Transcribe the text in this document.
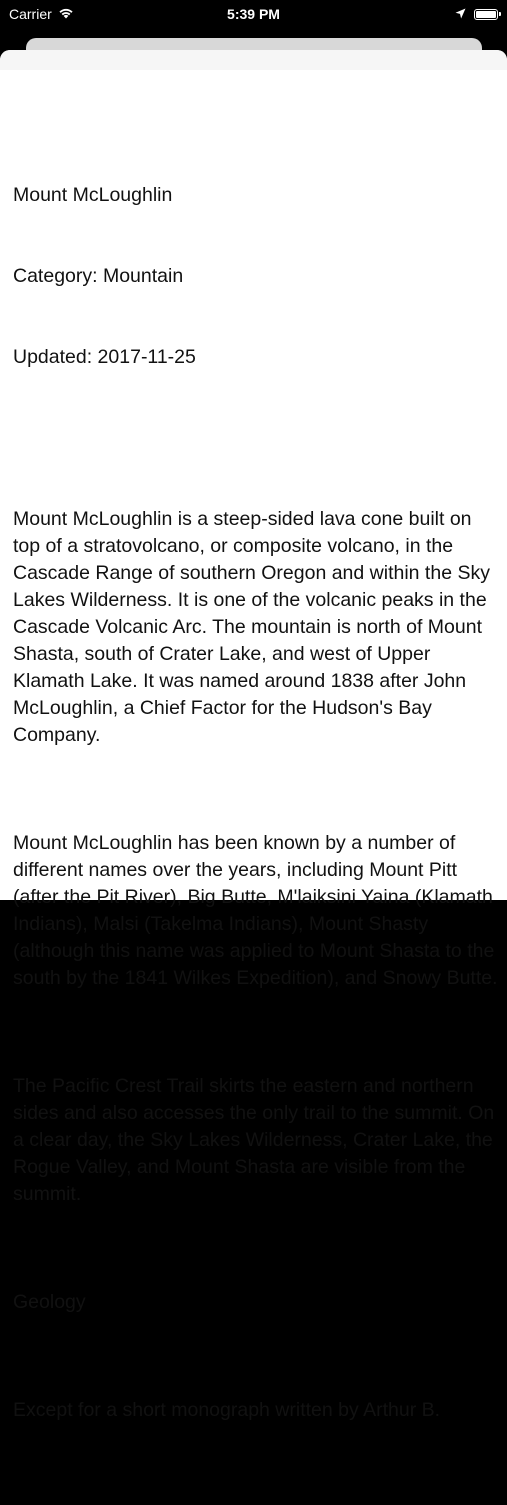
Carrier	5:39 PM

Mount McLoughlin

Category: Mountain

Updated: 2017-11-25

Mount McLoughlin is a steep-sided lava cone built on top of a stratovolcano, or composite volcano, in the Cascade Range of southern Oregon and within the Sky Lakes Wilderness. It is one of the volcanic peaks in the Cascade Volcanic Arc. The mountain is north of Mount Shasta, south of Crater Lake, and west of Upper Klamath Lake. It was named around 1838 after John McLoughlin, a Chief Factor for the Hudson's Bay Company.

Mount McLoughlin has been known by a number of different names over the years, including Mount Pitt (after the Pit River), Big Butte, M'laiksini Yaina (Klamath Indians), Malsi (Takelma Indians), Mount Shasty (although this name was applied to Mount Shasta to the south by the 1841 Wilkes Expedition), and Snowy Butte.

The Pacific Crest Trail skirts the eastern and northern sides and also accesses the only trail to the summit. On a clear day, the Sky Lakes Wilderness, Crater Lake, the Rogue Valley, and Mount Shasta are visible from the summit.

Geology

Except for a short monograph written by Arthur B.
